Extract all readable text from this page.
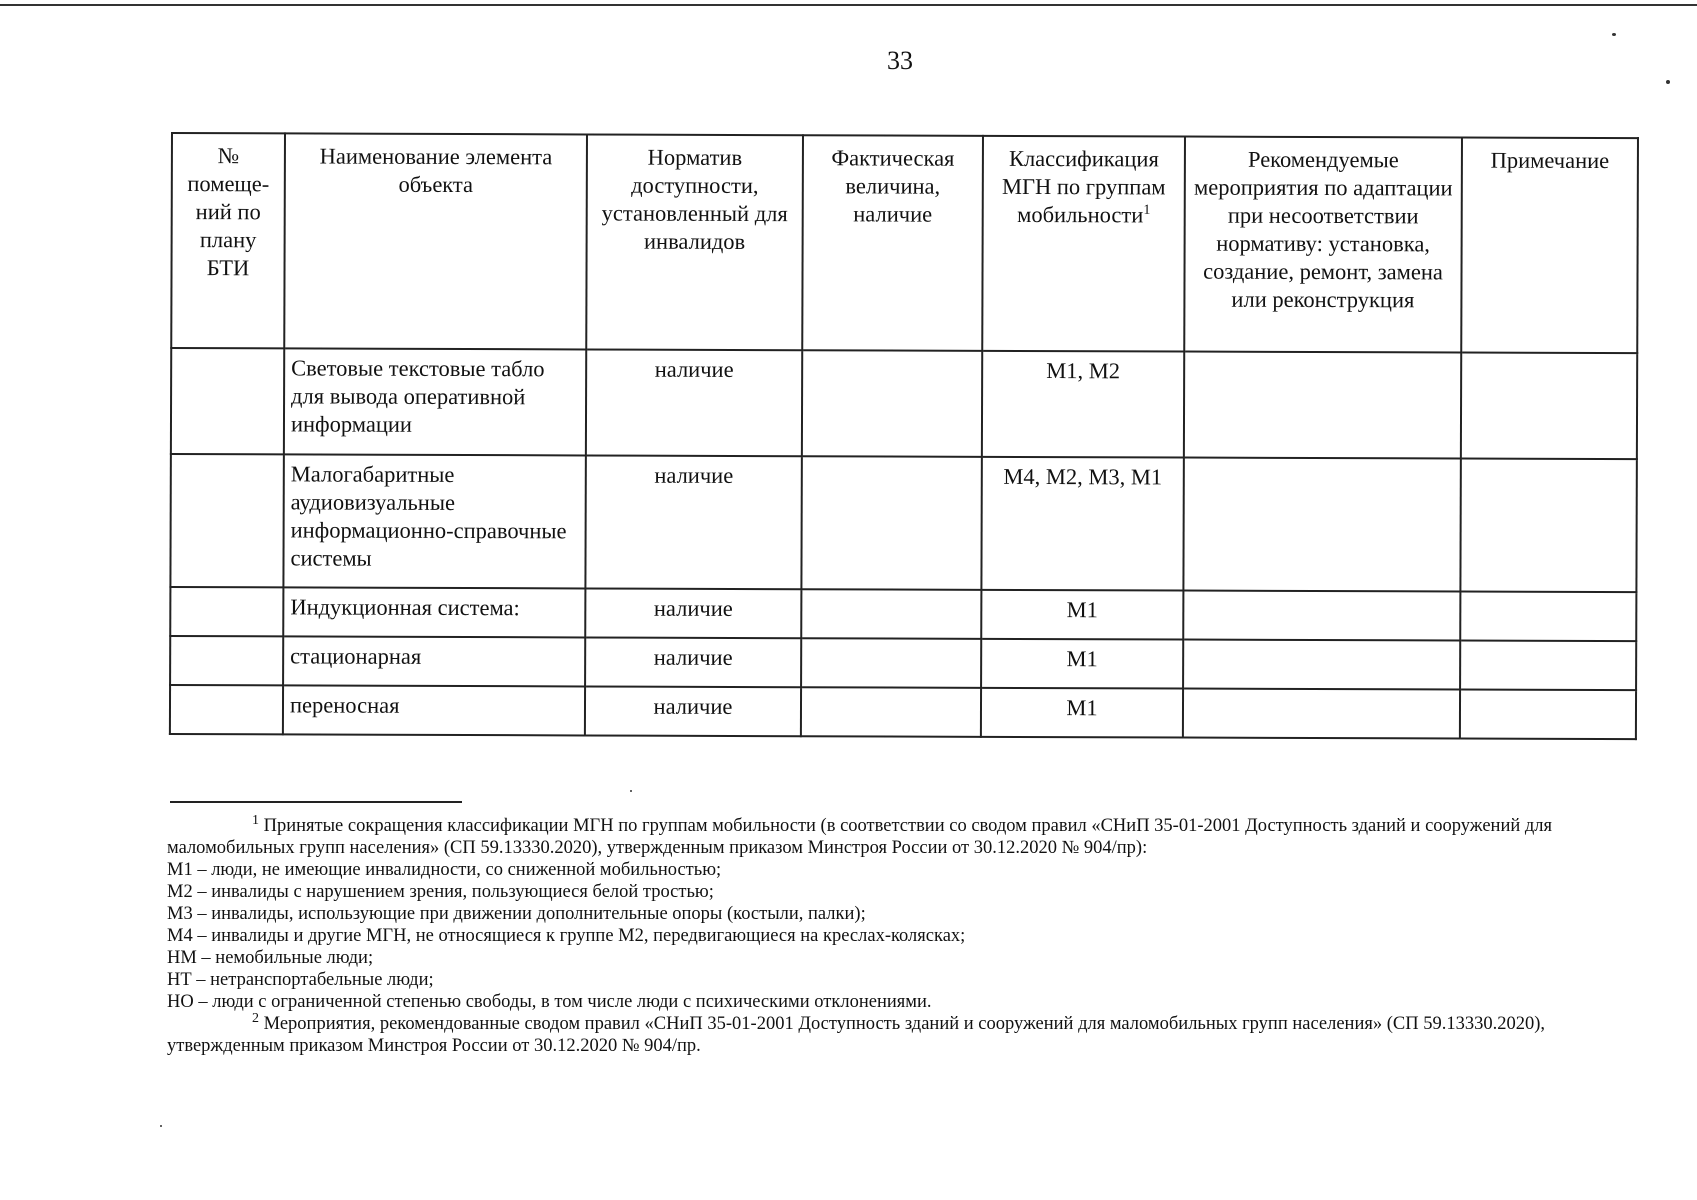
33
№ помеще-ний по плану БТИ	Наименование элемента объекта	Норматив доступности, установленный для инвалидов	Фактическая величина, наличие	Классификация МГН по группам мобильности$^1$	Рекомендуемые мероприятия по адаптации при несоответствии нормативу: установка, создание, ремонт, замена или реконструкция	Примечание
	Световые текстовые табло для вывода оперативной информации	наличие		М1, М2		
	Малогабаритные аудиовизуальные информационно-справочные системы	наличие		М4, М2, М3, М1		
	Индукционная система:	наличие		М1		
	стационарная	наличие		М1		
	переносная	наличие		М1		

$^1$ Принятые сокращения классификации МГН по группам мобильности (в соответствии со сводом правил «СНиП 35-01-2001 Доступность зданий и сооружений для маломобильных групп населения» (СП 59.13330.2020), утвержденным приказом Минстроя России от 30.12.2020 № 904/пр):

М1 – люди, не имеющие инвалидности, со сниженной мобильностью;

М2 – инвалиды с нарушением зрения, пользующиеся белой тростью;

М3 – инвалиды, использующие при движении дополнительные опоры (костыли, палки);

М4 – инвалиды и другие МГН, не относящиеся к группе М2, передвигающиеся на креслах-колясках;

НМ – немобильные люди;

НТ – нетранспортабельные люди;

НО – люди с ограниченной степенью свободы, в том числе люди с психическими отклонениями.

$^2$ Мероприятия, рекомендованные сводом правил «СНиП 35-01-2001 Доступность зданий и сооружений для маломобильных групп населения» (СП 59.13330.2020), утвержденным приказом Минстроя России от 30.12.2020 № 904/пр.
